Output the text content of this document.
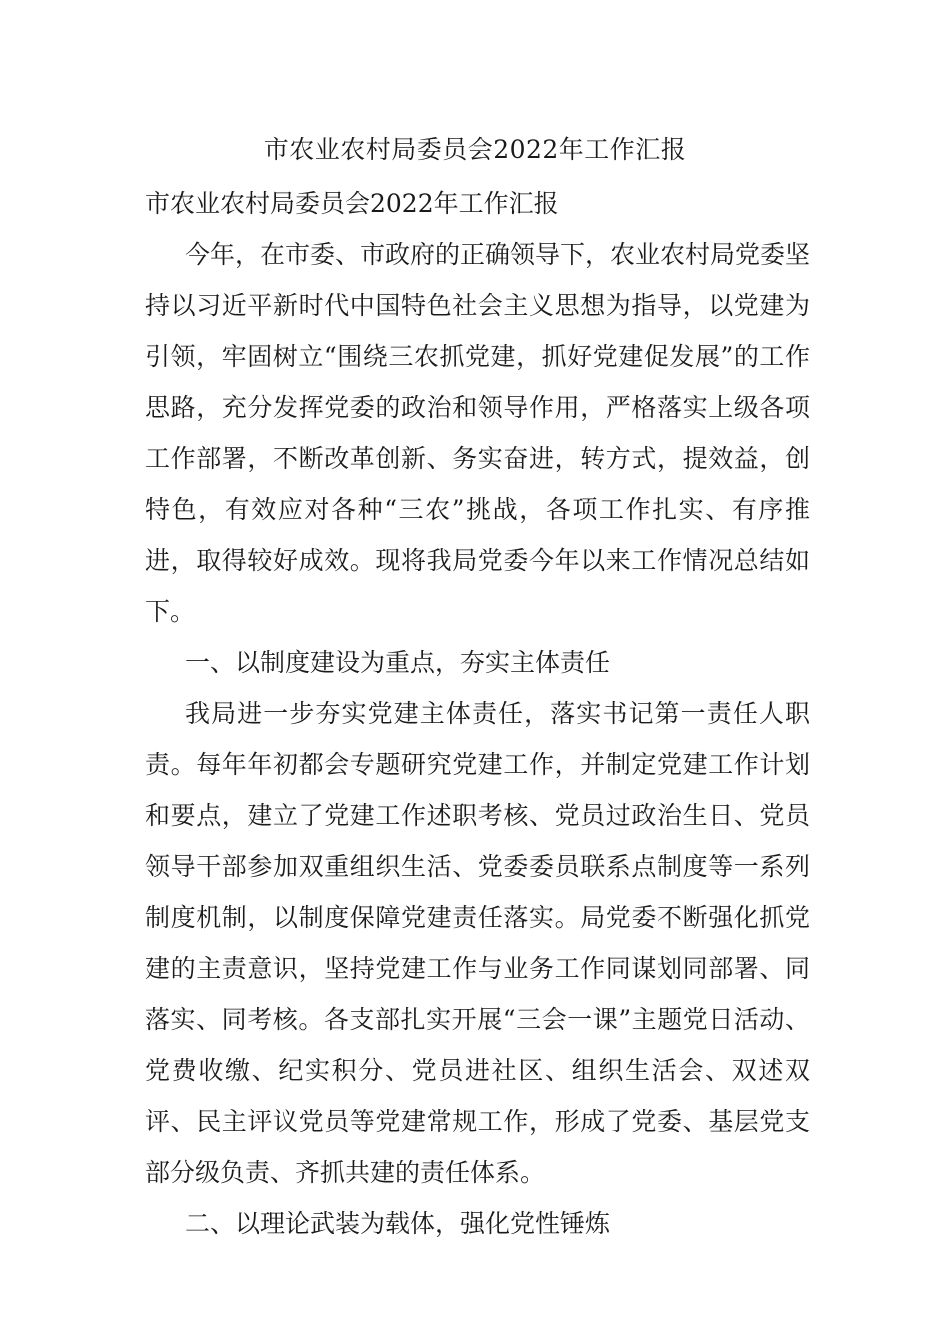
市农业农村局委员会2022年工作汇报

市农业农村局委员会2022年工作汇报

今年，在市委、市政府的正确领导下，农业农村局党委坚持以习近平新时代中国特色社会主义思想为指导，以党建为引领，牢固树立“围绕三农抓党建，抓好党建促发展”的工作思路，充分发挥党委的政治和领导作用，严格落实上级各项工作部署，不断改革创新、务实奋进，转方式，提效益，创特色，有效应对各种“三农”挑战，各项工作扎实、有序推进，取得较好成效。现将我局党委今年以来工作情况总结如下。

一、以制度建设为重点，夯实主体责任

我局进一步夯实党建主体责任，落实书记第一责任人职责。每年年初都会专题研究党建工作，并制定党建工作计划和要点，建立了党建工作述职考核、党员过政治生日、党员领导干部参加双重组织生活、党委委员联系点制度等一系列制度机制，以制度保障党建责任落实。局党委不断强化抓党建的主责意识，坚持党建工作与业务工作同谋划同部署、同落实、同考核。各支部扎实开展“三会一课”主题党日活动、党费收缴、纪实积分、党员进社区、组织生活会、双述双评、民主评议党员等党建常规工作，形成了党委、基层党支部分级负责、齐抓共建的责任体系。

二、以理论武装为载体，强化党性锤炼
